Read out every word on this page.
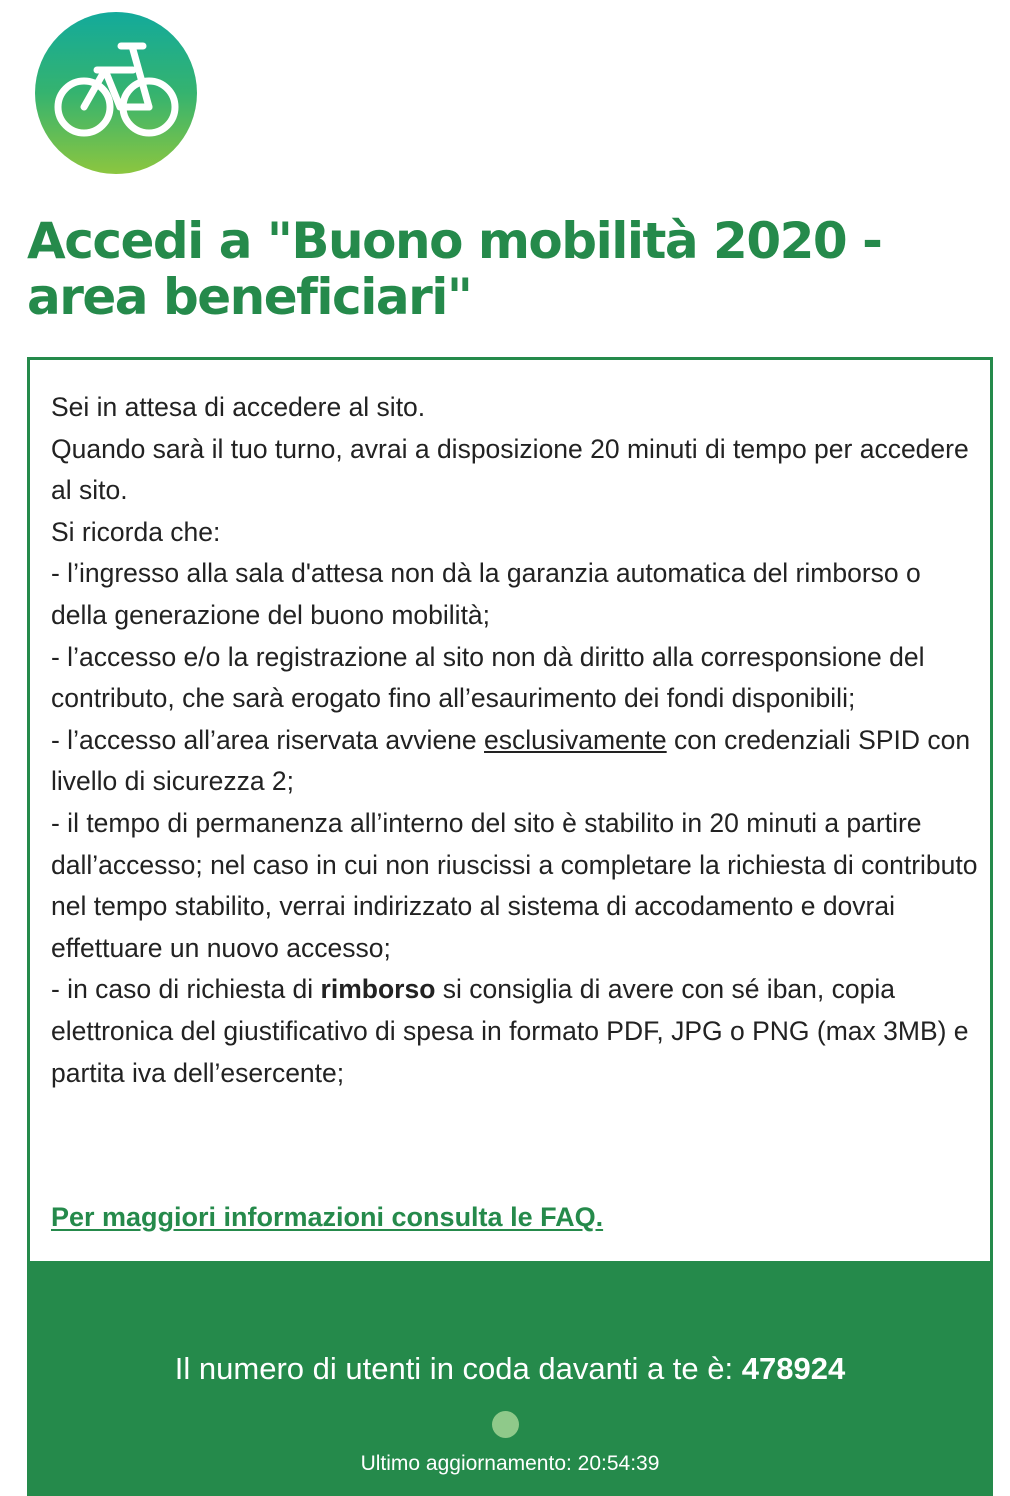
Accedi a "Buono mobilità 2020 - area beneficiari"

Sei in attesa di accedere al sito.

Quando sarà il tuo turno, avrai a disposizione 20 minuti di tempo per accedere al sito.

Si ricorda che:

- l’ingresso alla sala d'attesa non dà la garanzia automatica del rimborso o della generazione del buono mobilità;

- l’accesso e/o la registrazione al sito non dà diritto alla corresponsione del contributo, che sarà erogato fino all’esaurimento dei fondi disponibili;

- l’accesso all’area riservata avviene esclusivamente con credenziali SPID con livello di sicurezza 2;

- il tempo di permanenza all’interno del sito è stabilito in 20 minuti a partire dall’accesso; nel caso in cui non riuscissi a completare la richiesta di contributo nel tempo stabilito, verrai indirizzato al sistema di accodamento e dovrai effettuare un nuovo accesso;

- in caso di richiesta di rimborso si consiglia di avere con sé iban, copia elettronica del giustificativo di spesa in formato PDF, JPG o PNG (max 3MB) e partita iva dell’esercente;

Per maggiori informazioni consulta le FAQ.
Il numero di utenti in coda davanti a te è: 478924
Ultimo aggiornamento: 20:54:39
